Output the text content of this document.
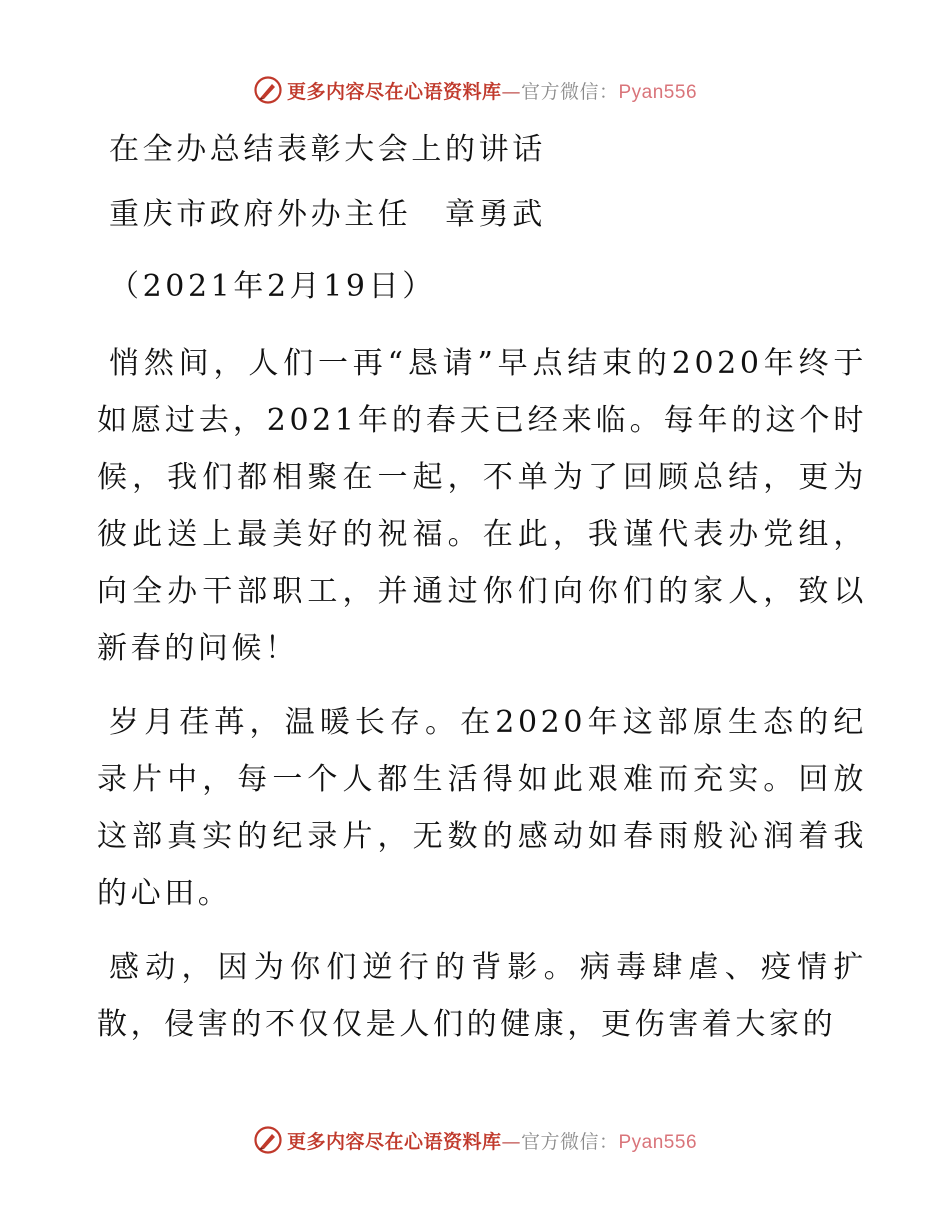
更多内容尽在心语资料库—官方微信：Pyan556

在全办总结表彰大会上的讲话

重庆市政府外办主任　章勇武

（2021年2月19日）

悄然间，人们一再“恳请”早点结束的2020年终于如愿过去，2021年的春天已经来临。每年的这个时候，我们都相聚在一起，不单为了回顾总结，更为彼此送上最美好的祝福。在此，我谨代表办党组，向全办干部职工，并通过你们向你们的家人，致以新春的问候！

岁月荏苒，温暖长存。在2020年这部原生态的纪录片中，每一个人都生活得如此艰难而充实。回放这部真实的纪录片，无数的感动如春雨般沁润着我的心田。

感动，因为你们逆行的背影。病毒肆虐、疫情扩散，侵害的不仅仅是人们的健康，更伤害着大家的

更多内容尽在心语资料库—官方微信：Pyan556
